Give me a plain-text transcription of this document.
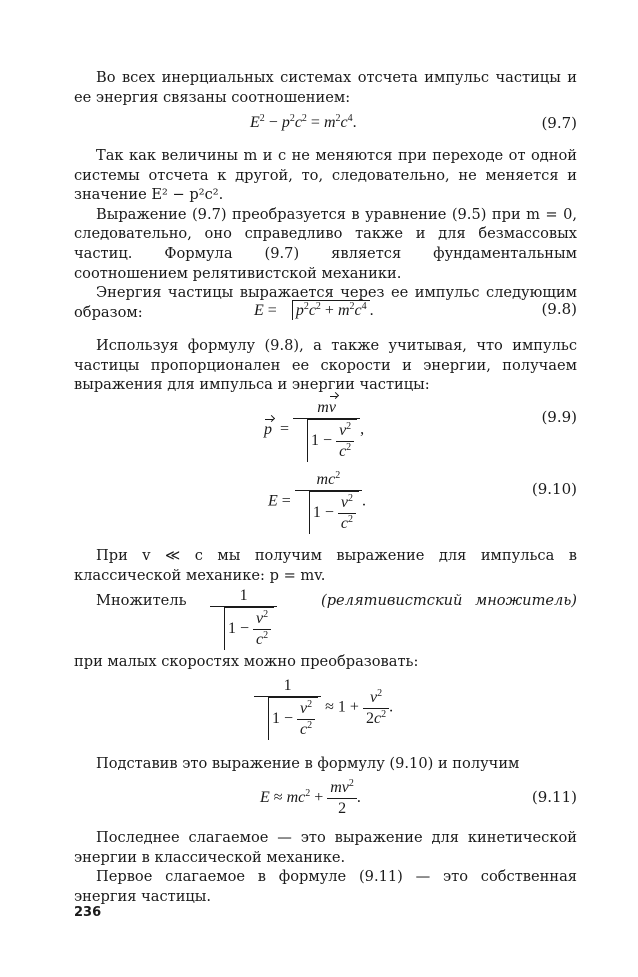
Во всех инерциальных системах отсчета импульс частицы и ее энергия связаны соотношением:

$E^2 - p^2c^2 = m^2c^4$.	(9.7)

Так как величины m и c не меняются при переходе от одной системы отсчета к другой, то, следовательно, не меняется и значение E² − p²c².

Выражение (9.7) преобразуется в уравнение (9.5) при m = 0, следовательно, оно справедливо также и для безмассовых частиц. Формула (9.7) является фундаментальным соотношением релятивистской механики.

Энергия частицы выражается через ее импульс следующим образом:	$E = p^2c^2 + m^2c^4$ .	(9.8)

Используя формулу (9.8), а также учитывая, что импульс частицы пропорционален ее скорости и энергии, получаем выражения для импульса и энергии частицы:

$p = \frac{mv}{1 - \frac{v^2}{c^2}}$ ,
(9.9)
$E = \frac{mc^2}{1 - \frac{v^2}{c^2}}$ .
(9.10)

При v ≪ c мы получим выражение для импульса в классической механике: p = mv.

Множитель $\frac{1}{1 - \frac{v^2}{c^2}}$	(релятивистский множитель)

при малых скоростях можно преобразовать:

$\frac{1}{1 - \frac{v^2}{c^2}} \approx 1 + \frac{v^2}{2c^2}$ .

Подставив это выражение в формулу (9.10) и получим

$E \approx mc^2 + \frac{mv^2}{2}$ .	(9.11)

Последнее слагаемое — это выражение для кинетической энергии в классической механике.

Первое слагаемое в формуле (9.11) — это собственная энергия частицы.

236
